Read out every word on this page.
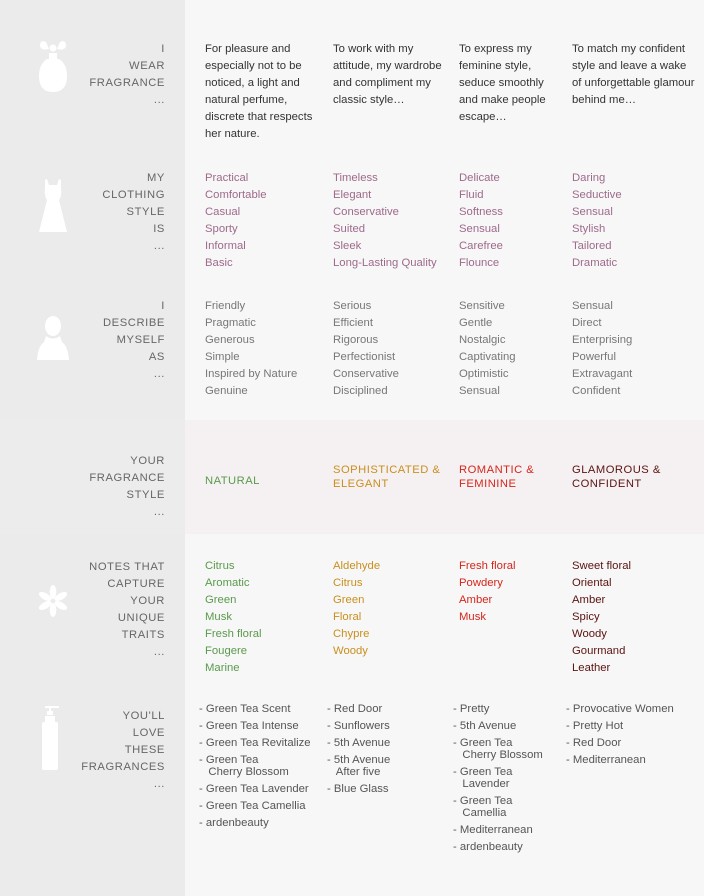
I
WEAR
FRAGRANCE
...
For pleasure and especially not to be noticed, a light and natural perfume, discrete that respects her nature.
To work with my attitude, my wardrobe and compliment my classic style…
To express my feminine style, seduce smoothly and make people escape…
To match my confident style and leave a wake of unforgettable glamour behind me…
MY
CLOTHING
STYLE
IS
...
Practical
Comfortable
Casual
Sporty
Informal
Basic
Timeless
Elegant
Conservative
Suited
Sleek
Long-Lasting Quality
Delicate
Fluid
Softness
Sensual
Carefree
Flounce
Daring
Seductive
Sensual
Stylish
Tailored
Dramatic
I
DESCRIBE
MYSELF
AS
...
Friendly
Pragmatic
Generous
Simple
Inspired by Nature
Genuine
Serious
Efficient
Rigorous
Perfectionist
Conservative
Disciplined
Sensitive
Gentle
Nostalgic
Captivating
Optimistic
Sensual
Sensual
Direct
Enterprising
Powerful
Extravagant
Confident
YOUR
FRAGRANCE
STYLE
...
NATURAL
SOPHISTICATED &
ELEGANT
ROMANTIC &
FEMININE
GLAMOROUS &
CONFIDENT
NOTES THAT
CAPTURE
YOUR
UNIQUE
TRAITS
...
Citrus
Aromatic
Green
Musk
Fresh floral
Fougere
Marine
Aldehyde
Citrus
Green
Floral
Chypre
Woody
Fresh floral
Powdery
Amber
Musk
Sweet floral
Oriental
Amber
Spicy
Woody
Gourmand
Leather
YOU'LL
LOVE
THESE
FRAGRANCES
...
- Green Tea Scent
- Green Tea Intense
- Green Tea Revitalize
- Green Tea
Cherry Blossom
- Green Tea Lavender
- Green Tea Camellia
- ardenbeauty
- Red Door
- Sunflowers
- 5th Avenue
- 5th Avenue
After five
- Blue Glass
- Pretty
- 5th Avenue
- Green Tea
Cherry Blossom
- Green Tea
Lavender
- Green Tea
Camellia
- Mediterranean
- ardenbeauty
- Provocative Women
- Pretty Hot
- Red Door
- Mediterranean
